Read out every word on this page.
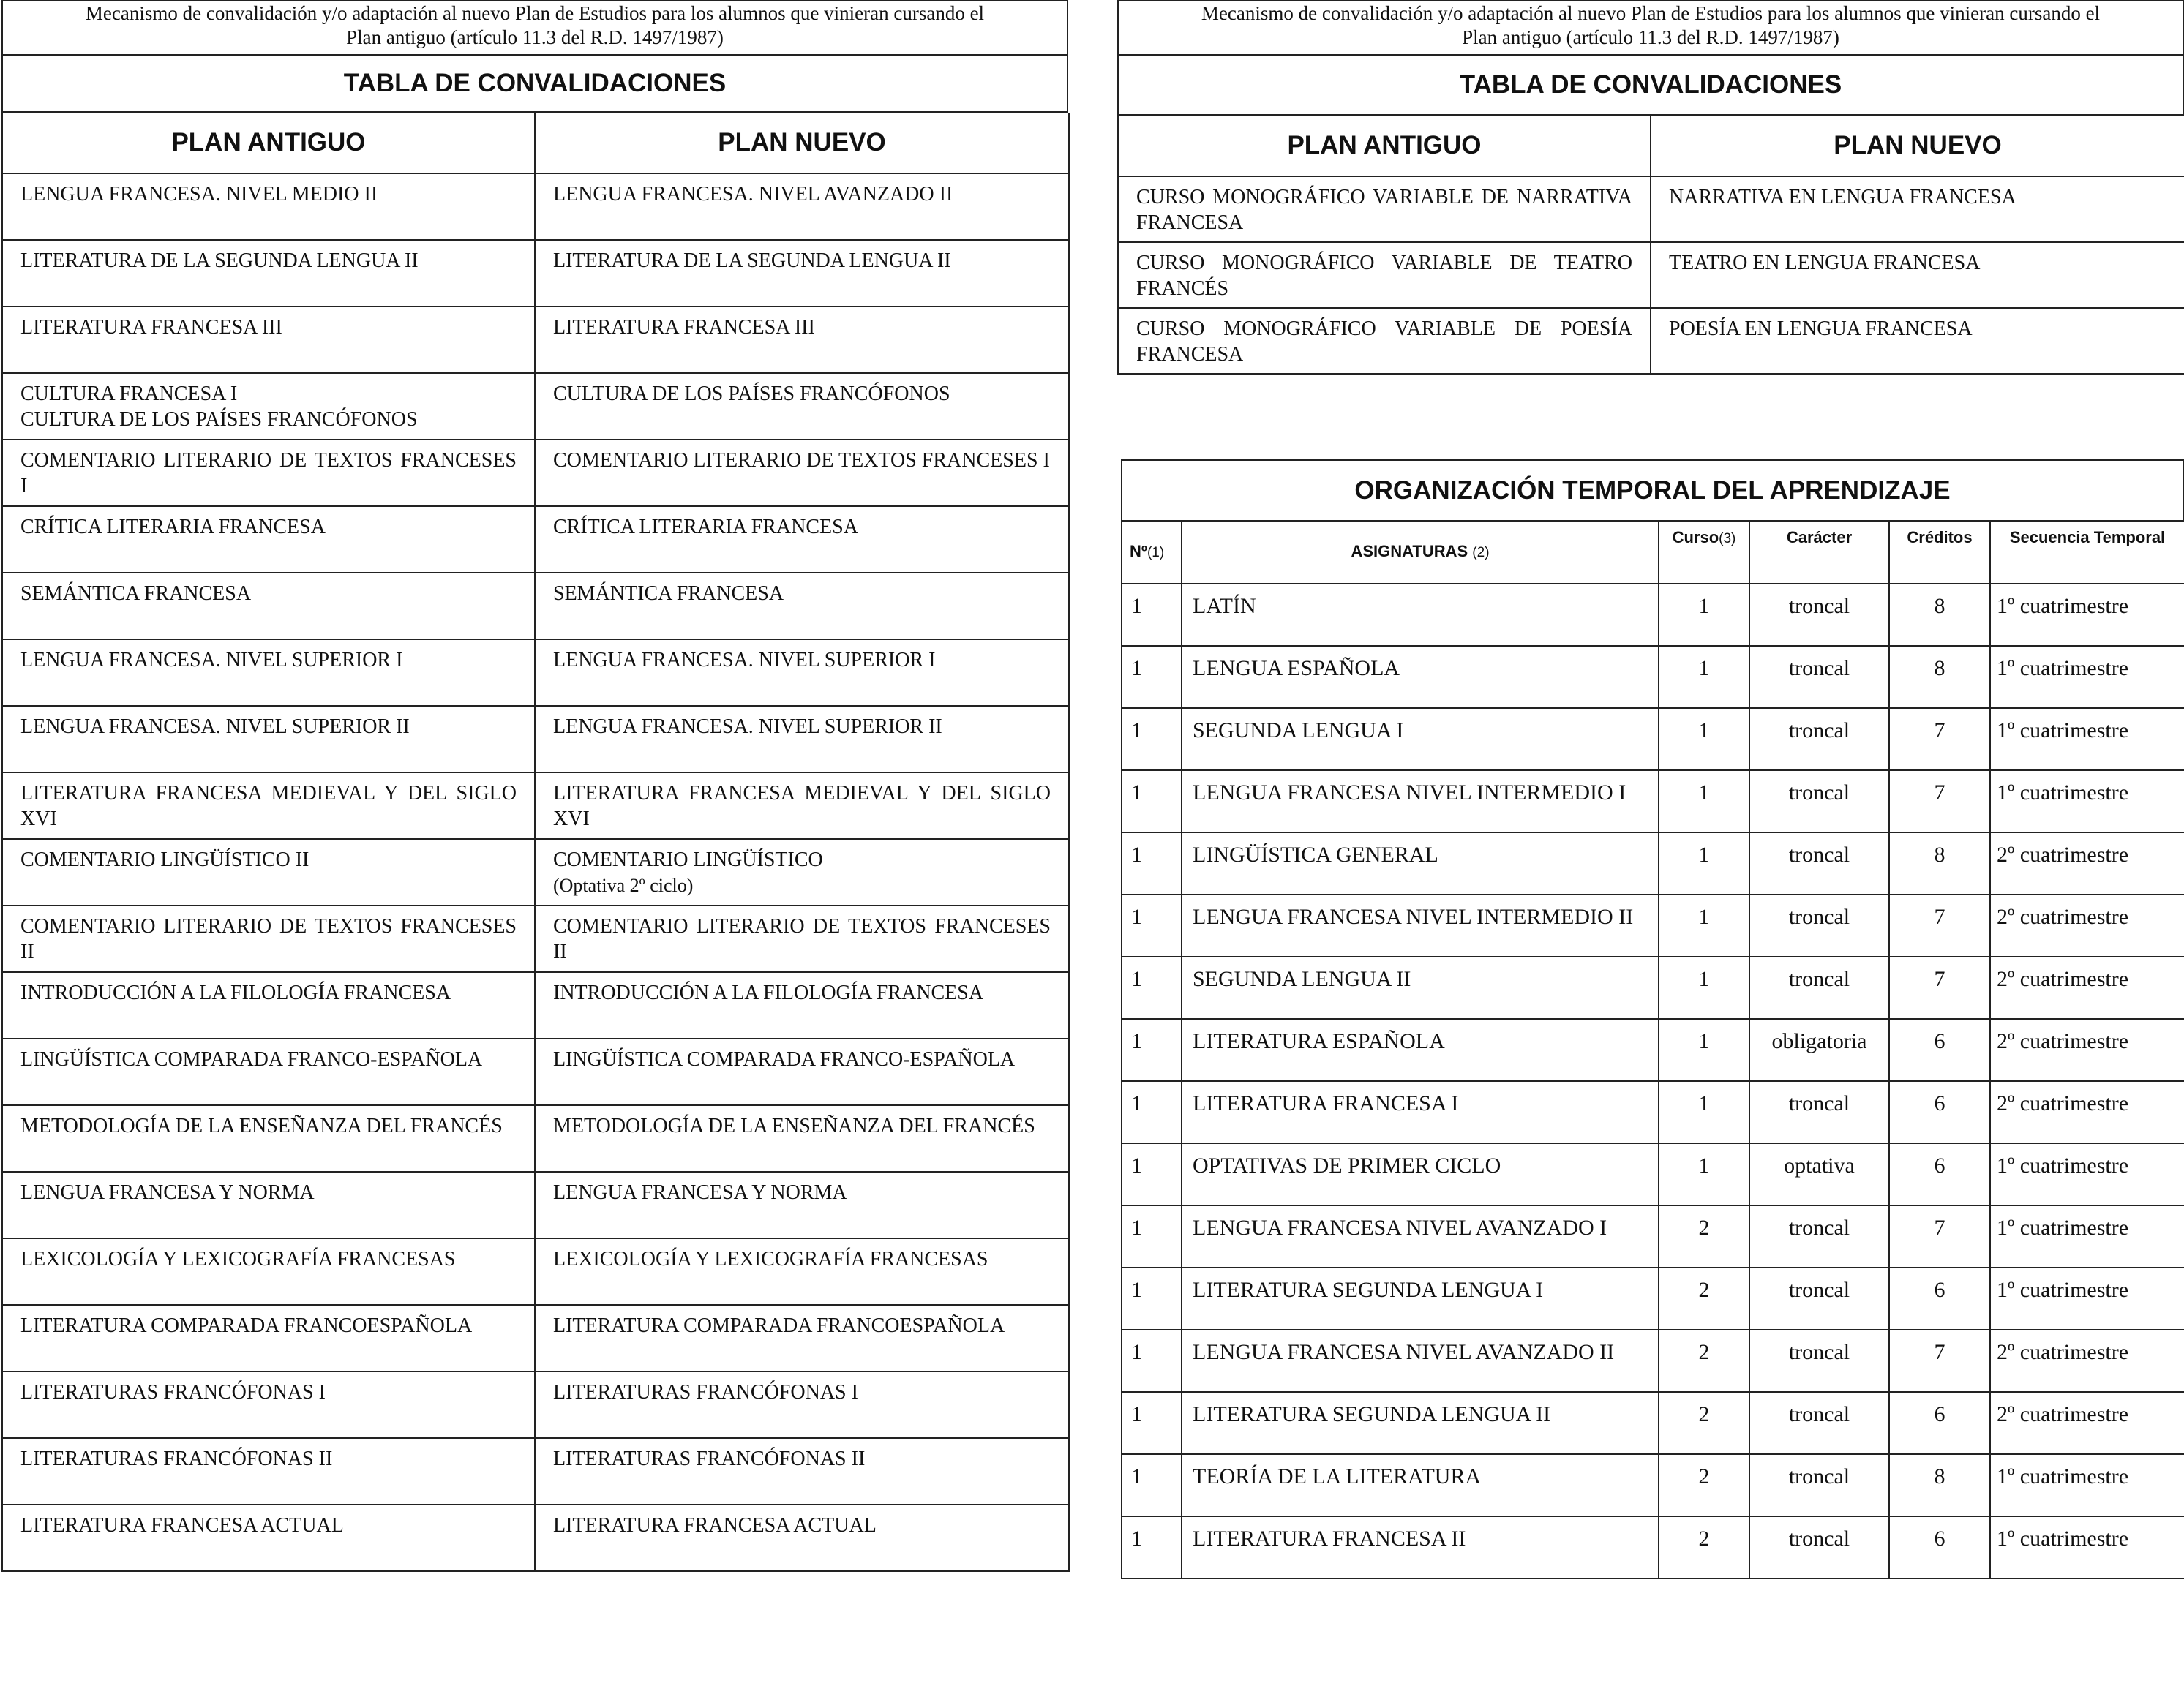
Mecanismo de convalidación y/o adaptación al nuevo Plan de Estudios para los alumnos que vinieran cursando el
Plan antiguo (artículo 11.3 del R.D. 1497/1987)
TABLA DE CONVALIDACIONES
PLAN ANTIGUO	PLAN NUEVO

LENGUA FRANCESA. NIVEL MEDIO II	LENGUA FRANCESA. NIVEL AVANZADO II

LITERATURA DE LA SEGUNDA LENGUA II	LITERATURA DE LA SEGUNDA LENGUA II

LITERATURA FRANCESA III	LITERATURA FRANCESA III

CULTURA FRANCESA I
CULTURA DE LOS PAÍSES FRANCÓFONOS	CULTURA DE LOS PAÍSES FRANCÓFONOS

COMENTARIO LITERARIO DE TEXTOS FRANCESES I	COMENTARIO LITERARIO DE TEXTOS FRANCESES I

CRÍTICA LITERARIA FRANCESA	CRÍTICA LITERARIA FRANCESA

SEMÁNTICA FRANCESA	SEMÁNTICA FRANCESA

LENGUA FRANCESA. NIVEL SUPERIOR I	LENGUA FRANCESA. NIVEL SUPERIOR I

LENGUA FRANCESA. NIVEL SUPERIOR II	LENGUA FRANCESA. NIVEL SUPERIOR II

LITERATURA FRANCESA MEDIEVAL Y DEL SIGLO XVI	LITERATURA FRANCESA MEDIEVAL Y DEL SIGLO XVI

COMENTARIO LINGÜÍSTICO II	COMENTARIO LINGÜÍSTICO
(Optativa 2º ciclo)

COMENTARIO LITERARIO DE TEXTOS FRANCESES II	COMENTARIO LITERARIO DE TEXTOS FRANCESES II

INTRODUCCIÓN A LA FILOLOGÍA FRANCESA	INTRODUCCIÓN A LA FILOLOGÍA FRANCESA

LINGÜÍSTICA COMPARADA FRANCO-ESPAÑOLA	LINGÜÍSTICA COMPARADA FRANCO-ESPAÑOLA

METODOLOGÍA DE LA ENSEÑANZA DEL FRANCÉS	METODOLOGÍA DE LA ENSEÑANZA DEL FRANCÉS

LENGUA FRANCESA Y NORMA	LENGUA FRANCESA Y NORMA

LEXICOLOGÍA Y LEXICOGRAFÍA FRANCESAS	LEXICOLOGÍA Y LEXICOGRAFÍA FRANCESAS

LITERATURA COMPARADA FRANCOESPAÑOLA	LITERATURA COMPARADA FRANCOESPAÑOLA

LITERATURAS FRANCÓFONAS I	LITERATURAS FRANCÓFONAS I

LITERATURAS FRANCÓFONAS II	LITERATURAS FRANCÓFONAS II

LITERATURA FRANCESA ACTUAL	LITERATURA FRANCESA ACTUAL
Mecanismo de convalidación y/o adaptación al nuevo Plan de Estudios para los alumnos que vinieran cursando el
Plan antiguo (artículo 11.3 del R.D. 1497/1987)
TABLA DE CONVALIDACIONES
PLAN ANTIGUO	PLAN NUEVO

CURSO MONOGRÁFICO VARIABLE DE NARRATIVA FRANCESA	NARRATIVA EN LENGUA FRANCESA

CURSO MONOGRÁFICO VARIABLE DE TEATRO FRANCÉS	TEATRO EN LENGUA FRANCESA

CURSO MONOGRÁFICO VARIABLE DE POESÍA FRANCESA	POESÍA EN LENGUA FRANCESA
ORGANIZACIÓN TEMPORAL DEL APRENDIZAJE
Nº(1)	ASIGNATURAS (2)	Curso(3)	Carácter	Créditos	Secuencia Temporal
1	LATÍN	1	troncal	8	1º cuatrimestre
1	LENGUA ESPAÑOLA	1	troncal	8	1º cuatrimestre
1	SEGUNDA LENGUA I	1	troncal	7	1º cuatrimestre
1	LENGUA FRANCESA NIVEL INTERMEDIO I	1	troncal	7	1º cuatrimestre
1	LINGÜÍSTICA GENERAL	1	troncal	8	2º cuatrimestre
1	LENGUA FRANCESA NIVEL INTERMEDIO II	1	troncal	7	2º cuatrimestre
1	SEGUNDA LENGUA II	1	troncal	7	2º cuatrimestre
1	LITERATURA ESPAÑOLA	1	obligatoria	6	2º cuatrimestre
1	LITERATURA FRANCESA I	1	troncal	6	2º cuatrimestre
1	OPTATIVAS DE PRIMER CICLO	1	optativa	6	1º cuatrimestre
1	LENGUA FRANCESA NIVEL AVANZADO I	2	troncal	7	1º cuatrimestre
1	LITERATURA SEGUNDA LENGUA I	2	troncal	6	1º cuatrimestre
1	LENGUA FRANCESA NIVEL AVANZADO II	2	troncal	7	2º cuatrimestre
1	LITERATURA SEGUNDA LENGUA II	2	troncal	6	2º cuatrimestre
1	TEORÍA DE LA LITERATURA	2	troncal	8	1º cuatrimestre
1	LITERATURA FRANCESA II	2	troncal	6	1º cuatrimestre
